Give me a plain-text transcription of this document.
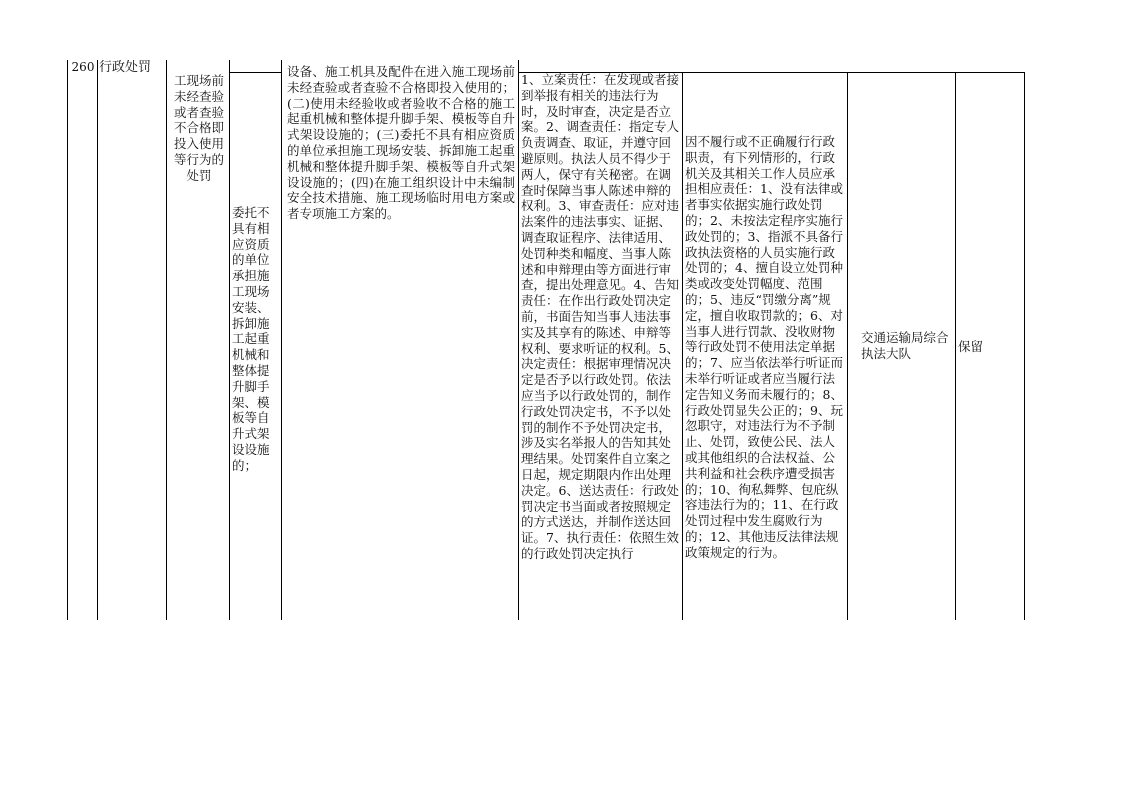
260 行政处罚
工现场前未经查验或者查验不合格即投入使用等行为的处罚
委托不具有相应资质的单位承担施工现场安装、拆卸施工起重机械和整体提升脚手架、模板等自升式架设设施的；
设备、施工机具及配件在进入施工现场前未经查验或者查验不合格即投入使用的；(二)使用未经验收或者验收不合格的施工起重机械和整体提升脚手架、模板等自升式架设设施的；(三)委托不具有相应资质的单位承担施工现场安装、拆卸施工起重机械和整体提升脚手架、模板等自升式架设设施的；(四)在施工组织设计中未编制安全技术措施、施工现场临时用电方案或者专项施工方案的。
1、立案责任：在发现或者接到举报有相关的违法行为时，及时审查，决定是否立案。2、调查责任：指定专人负责调查、取证，并遵守回避原则。执法人员不得少于两人，保守有关秘密。在调查时保障当事人陈述申辩的权利。3、审查责任：应对违法案件的违法事实、证据、调查取证程序、法律适用、处罚种类和幅度、当事人陈述和申辩理由等方面进行审查，提出处理意见。4、告知责任：在作出行政处罚决定前，书面告知当事人违法事实及其享有的陈述、申辩等权利、要求听证的权利。5、决定责任：根据审理情况决定是否予以行政处罚。依法应当予以行政处罚的，制作行政处罚决定书，不予以处罚的制作不予处罚决定书，涉及实名举报人的告知其处理结果。处罚案件自立案之日起，规定期限内作出处理决定。6、送达责任：行政处罚决定书当面或者按照规定的方式送达，并制作送达回证。7、执行责任：依照生效的行政处罚决定执行
因不履行或不正确履行行政职责，有下列情形的，行政机关及其相关工作人员应承担相应责任：1、没有法律或者事实依据实施行政处罚的；2、未按法定程序实施行政处罚的；3、指派不具备行政执法资格的人员实施行政处罚的；4、擅自设立处罚种类或改变处罚幅度、范围的；5、违反“罚缴分离”规定，擅自收取罚款的；6、对当事人进行罚款、没收财物等行政处罚不使用法定单据的；7、应当依法举行听证而未举行听证或者应当履行法定告知义务而未履行的；8、行政处罚显失公正的；9、玩忽职守，对违法行为不予制止、处罚，致使公民、法人或其他组织的合法权益、公共利益和社会秩序遭受损害的；10、徇私舞弊、包庇纵容违法行为的；11、在行政处罚过程中发生腐败行为的；12、其他违反法律法规政策规定的行为。
交通运输局综合执法大队	保留
